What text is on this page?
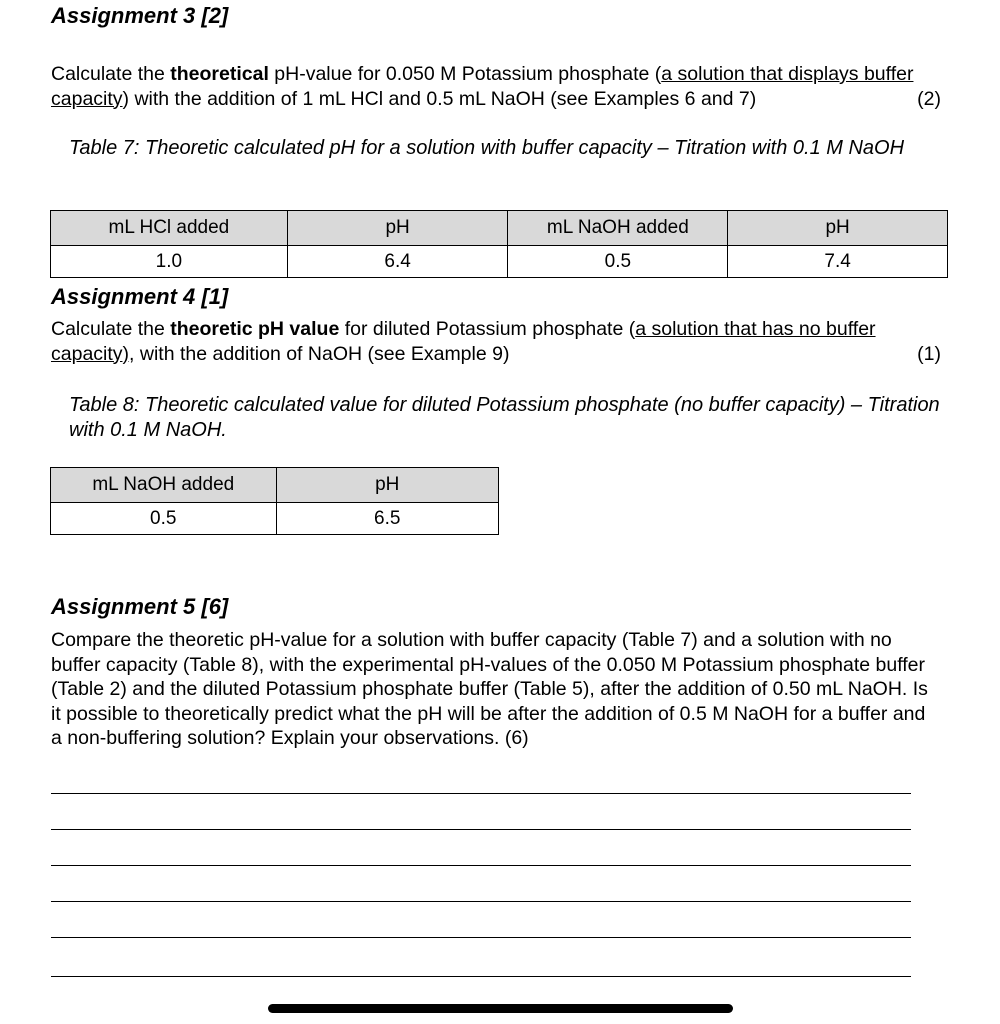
Assignment 3 [2]

Calculate the theoretical pH-value for 0.050 M Potassium phosphate (a solution that displays buffer capacity) with the addition of 1 mL HCl and 0.5 mL NaOH (see Examples 6 and 7)	(2)

Table 7: Theoretic calculated pH for a solution with buffer capacity – Titration with 0.1 M NaOH

mL HCl added	pH	mL NaOH added	pH
1.0	6.4	0.5	7.4
Assignment 4 [1]

Calculate the theoretic pH value for diluted Potassium phosphate (a solution that has no buffer capacity), with the addition of NaOH (see Example 9)	(1)

Table 8: Theoretic calculated value for diluted Potassium phosphate (no buffer capacity) – Titration with 0.1 M NaOH.

mL NaOH added	pH
0.5	6.5
Assignment 5 [6]

Compare the theoretic pH-value for a solution with buffer capacity (Table 7) and a solution with no buffer capacity (Table 8), with the experimental pH-values of the 0.050 M Potassium phosphate buffer (Table 2) and the diluted Potassium phosphate buffer (Table 5), after the addition of 0.50 mL NaOH. Is it possible to theoretically predict what the pH will be after the addition of 0.5 M NaOH for a buffer and a non-buffering solution? Explain your observations. (6)
